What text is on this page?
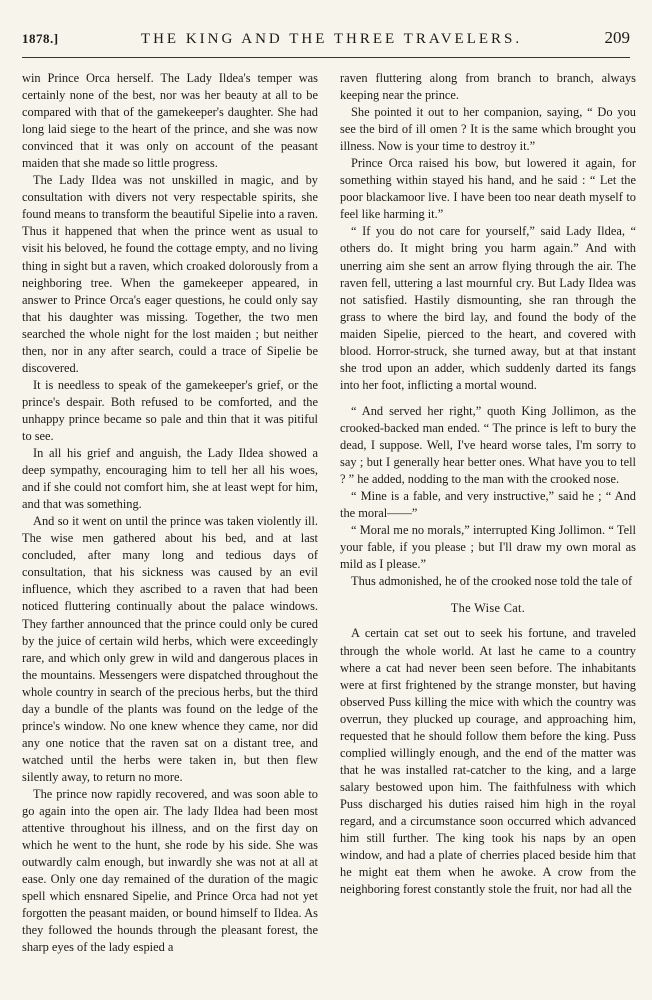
1878.]	THE KING AND THE THREE TRAVELERS.	209

win Prince Orca herself. The Lady Ildea's temper was certainly none of the best, nor was her beauty at all to be compared with that of the gamekeeper's daughter. She had long laid siege to the heart of the prince, and she was now convinced that it was only on account of the peasant maiden that she made so little progress.

The Lady Ildea was not unskilled in magic, and by consultation with divers not very respectable spirits, she found means to transform the beautiful Sipelie into a raven. Thus it happened that when the prince went as usual to visit his beloved, he found the cottage empty, and no living thing in sight but a raven, which croaked dolorously from a neighboring tree. When the gamekeeper appeared, in answer to Prince Orca's eager questions, he could only say that his daughter was missing. Together, the two men searched the whole night for the lost maiden ; but neither then, nor in any after search, could a trace of Sipelie be discovered.

It is needless to speak of the gamekeeper's grief, or the prince's despair. Both refused to be comforted, and the unhappy prince became so pale and thin that it was pitiful to see.

In all his grief and anguish, the Lady Ildea showed a deep sympathy, encouraging him to tell her all his woes, and if she could not comfort him, she at least wept for him, and that was something.

And so it went on until the prince was taken violently ill. The wise men gathered about his bed, and at last concluded, after many long and tedious days of consultation, that his sickness was caused by an evil influence, which they ascribed to a raven that had been noticed fluttering continually about the palace windows. They farther announced that the prince could only be cured by the juice of certain wild herbs, which were exceedingly rare, and which only grew in wild and dangerous places in the mountains. Messengers were dispatched throughout the whole country in search of the precious herbs, but the third day a bundle of the plants was found on the ledge of the prince's window. No one knew whence they came, nor did any one notice that the raven sat on a distant tree, and watched until the herbs were taken in, but then flew silently away, to return no more.

The prince now rapidly recovered, and was soon able to go again into the open air. The lady Ildea had been most attentive throughout his illness, and on the first day on which he went to the hunt, she rode by his side. She was outwardly calm enough, but inwardly she was not at all at ease. Only one day remained of the duration of the magic spell which ensnared Sipelie, and Prince Orca had not yet forgotten the peasant maiden, or bound himself to Ildea. As they followed the hounds through the pleasant forest, the sharp eyes of the lady espied a

raven fluttering along from branch to branch, always keeping near the prince.

She pointed it out to her companion, saying, “ Do you see the bird of ill omen ? It is the same which brought you illness. Now is your time to destroy it.”

Prince Orca raised his bow, but lowered it again, for something within stayed his hand, and he said : “ Let the poor blackamoor live. I have been too near death myself to feel like harming it.”

“ If you do not care for yourself,” said Lady Ildea, “ others do. It might bring you harm again.” And with unerring aim she sent an arrow flying through the air. The raven fell, uttering a last mournful cry. But Lady Ildea was not satisfied. Hastily dismounting, she ran through the grass to where the bird lay, and found the body of the maiden Sipelie, pierced to the heart, and covered with blood. Horror-struck, she turned away, but at that instant she trod upon an adder, which suddenly darted its fangs into her foot, inflicting a mortal wound.

“ And served her right,” quoth King Jollimon, as the crooked-backed man ended. “ The prince is left to bury the dead, I suppose. Well, I've heard worse tales, I'm sorry to say ; but I generally hear better ones. What have you to tell ? ” he added, nodding to the man with the crooked nose.

“ Mine is a fable, and very instructive,” said he ; “ And the moral——”

“ Moral me no morals,” interrupted King Jollimon. “ Tell your fable, if you please ; but I'll draw my own moral as mild as I please.”

Thus admonished, he of the crooked nose told the tale of

The Wise Cat.

A certain cat set out to seek his fortune, and traveled through the whole world. At last he came to a country where a cat had never been seen before. The inhabitants were at first frightened by the strange monster, but having observed Puss killing the mice with which the country was overrun, they plucked up courage, and approaching him, requested that he should follow them before the king. Puss complied willingly enough, and the end of the matter was that he was installed rat-catcher to the king, and a large salary bestowed upon him. The faithfulness with which Puss discharged his duties raised him high in the royal regard, and a circumstance soon occurred which advanced him still further. The king took his naps by an open window, and had a plate of cherries placed beside him that he might eat them when he awoke. A crow from the neighboring forest constantly stole the fruit, nor had all the
